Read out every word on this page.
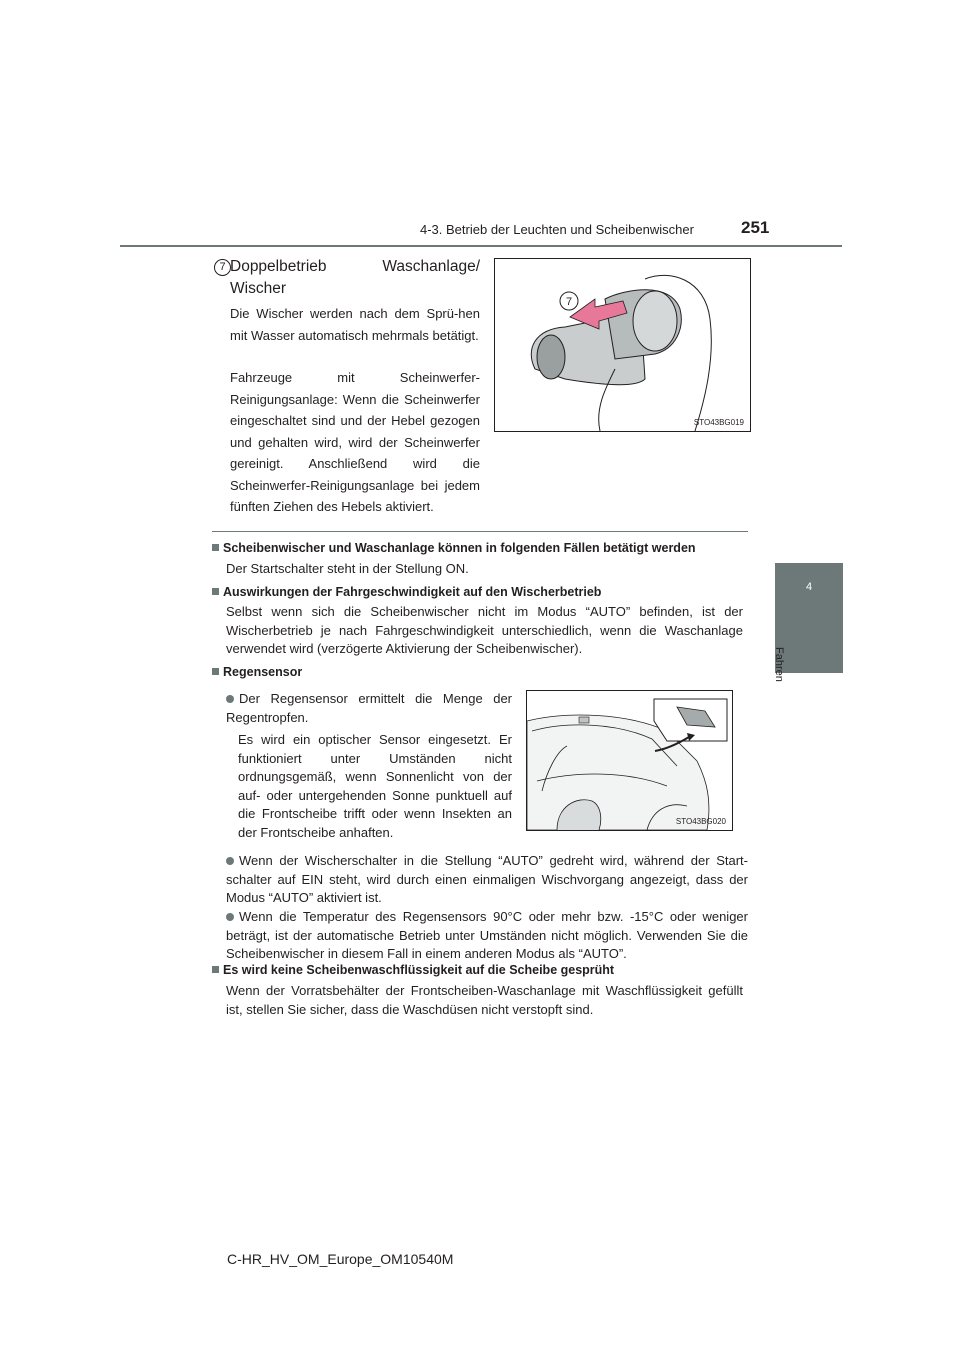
4-3. Betrieb der Leuchten und Scheibenwischer	251
4
Fahren
7 Doppelbetrieb Waschanlage/
Wischer
Die Wischer werden nach dem Sprü-hen mit Wasser automatisch mehrmals betätigt.
Fahrzeuge mit Scheinwerfer-Reinigungsanlage: Wenn die Scheinwerfer eingeschaltet sind und der Hebel gezogen und gehalten wird, wird der Scheinwerfer gereinigt. Anschließend wird die Scheinwerfer-Reinigungsanlage bei jedem fünften Ziehen des Hebels aktiviert.
7
STO43BG019
Scheibenwischer und Waschanlage können in folgenden Fällen betätigt werden
Der Startschalter steht in der Stellung ON.
Auswirkungen der Fahrgeschwindigkeit auf den Wischerbetrieb
Selbst wenn sich die Scheibenwischer nicht im Modus “AUTO” befinden, ist der Wischerbetrieb je nach Fahrgeschwindigkeit unterschiedlich, wenn die Waschanlage verwendet wird (verzögerte Aktivierung der Scheibenwischer).
Regensensor
Der Regensensor ermittelt die Menge der Regentropfen.
Es wird ein optischer Sensor eingesetzt. Er funktioniert unter Umständen nicht ordnungsgemäß, wenn Sonnenlicht von der auf- oder untergehenden Sonne punktuell auf die Frontscheibe trifft oder wenn Insekten an der Frontscheibe anhaften.
STO43BG020
Wenn der Wischerschalter in die Stellung “AUTO” gedreht wird, während der Start-schalter auf EIN steht, wird durch einen einmaligen Wischvorgang angezeigt, dass der Modus “AUTO” aktiviert ist.
Wenn die Temperatur des Regensensors 90°C oder mehr bzw. -15°C oder weniger beträgt, ist der automatische Betrieb unter Umständen nicht möglich. Verwenden Sie die Scheibenwischer in diesem Fall in einem anderen Modus als “AUTO”.
Es wird keine Scheibenwaschflüssigkeit auf die Scheibe gesprüht
Wenn der Vorratsbehälter der Frontscheiben-Waschanlage mit Waschflüssigkeit gefüllt ist, stellen Sie sicher, dass die Waschdüsen nicht verstopft sind.
C-HR_HV_OM_Europe_OM10540M
